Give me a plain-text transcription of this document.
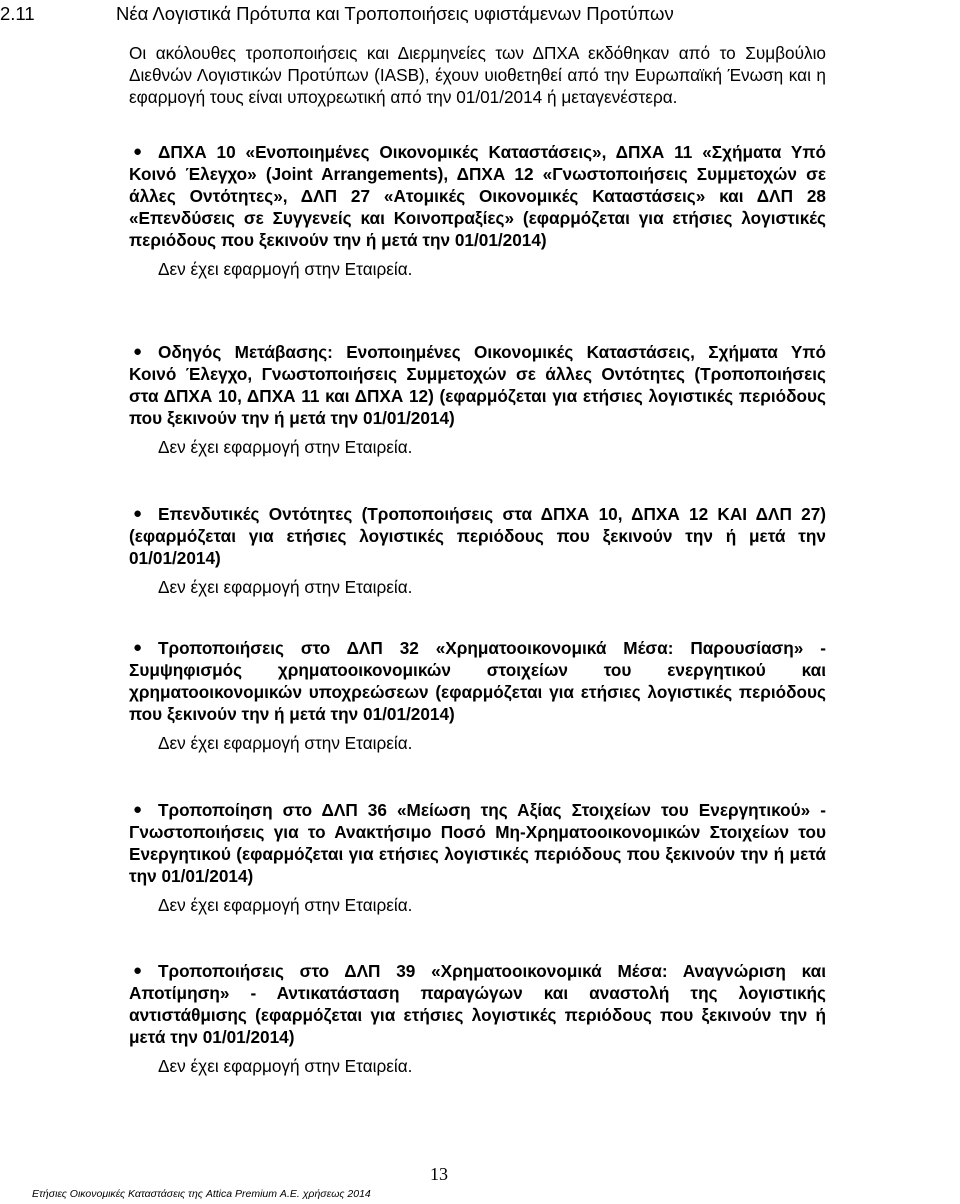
2.11	Νέα Λογιστικά Πρότυπα και Τροποποιήσεις υφιστάμενων Προτύπων
Οι ακόλουθες τροποποιήσεις και Διερμηνείες των ΔΠΧΑ εκδόθηκαν από το Συμβούλιο Διεθνών Λογιστικών Προτύπων (IASB), έχουν υιοθετηθεί από την Ευρωπαϊκή Ένωση και η εφαρμογή τους είναι υποχρεωτική από την 01/01/2014 ή μεταγενέστερα.
● ΔΠΧΑ 10 «Ενοποιημένες Οικονομικές Καταστάσεις», ΔΠΧΑ 11 «Σχήματα Υπό Κοινό Έλεγχο» (Joint Arrangements), ΔΠΧΑ 12 «Γνωστοποιήσεις Συμμετοχών σε άλλες Οντότητες», ΔΛΠ 27 «Ατομικές Οικονομικές Καταστάσεις» και ΔΛΠ 28 «Επενδύσεις σε Συγγενείς και Κοινοπραξίες» (εφαρμόζεται για ετήσιες λογιστικές περιόδους που ξεκινούν την ή μετά την 01/01/2014)
Δεν έχει εφαρμογή στην Εταιρεία.
● Οδηγός Μετάβασης: Ενοποιημένες Οικονομικές Καταστάσεις, Σχήματα Υπό Κοινό Έλεγχο, Γνωστοποιήσεις Συμμετοχών σε άλλες Οντότητες (Τροποποιήσεις στα ΔΠΧΑ 10, ΔΠΧΑ 11 και ΔΠΧΑ 12) (εφαρμόζεται για ετήσιες λογιστικές περιόδους που ξεκινούν την ή μετά την 01/01/2014)
Δεν έχει εφαρμογή στην Εταιρεία.
● Επενδυτικές Οντότητες (Τροποποιήσεις στα ΔΠΧΑ 10, ΔΠΧΑ 12 ΚΑΙ ΔΛΠ 27) (εφαρμόζεται για ετήσιες λογιστικές περιόδους που ξεκινούν την ή μετά την 01/01/2014)
Δεν έχει εφαρμογή στην Εταιρεία.
● Τροποποιήσεις στο ΔΛΠ 32 «Χρηματοοικονομικά Μέσα: Παρουσίαση» - Συμψηφισμός χρηματοοικονομικών στοιχείων του ενεργητικού και χρηματοοικονομικών υποχρεώσεων (εφαρμόζεται για ετήσιες λογιστικές περιόδους που ξεκινούν την ή μετά την 01/01/2014)
Δεν έχει εφαρμογή στην Εταιρεία.
● Τροποποίηση στο ΔΛΠ 36 «Μείωση της Αξίας Στοιχείων του Ενεργητικού» - Γνωστοποιήσεις για το Ανακτήσιμο Ποσό Μη-Χρηματοοικονομικών Στοιχείων του Ενεργητικού (εφαρμόζεται για ετήσιες λογιστικές περιόδους που ξεκινούν την ή μετά την 01/01/2014)
Δεν έχει εφαρμογή στην Εταιρεία.
● Τροποποιήσεις στο ΔΛΠ 39 «Χρηματοοικονομικά Μέσα: Αναγνώριση και Αποτίμηση» - Αντικατάσταση παραγώγων και αναστολή της λογιστικής αντιστάθμισης (εφαρμόζεται για ετήσιες λογιστικές περιόδους που ξεκινούν την ή μετά την 01/01/2014)
Δεν έχει εφαρμογή στην Εταιρεία.
13
Ετήσιες Οικονομικές Καταστάσεις της Attica Premium Α.Ε. χρήσεως 2014
